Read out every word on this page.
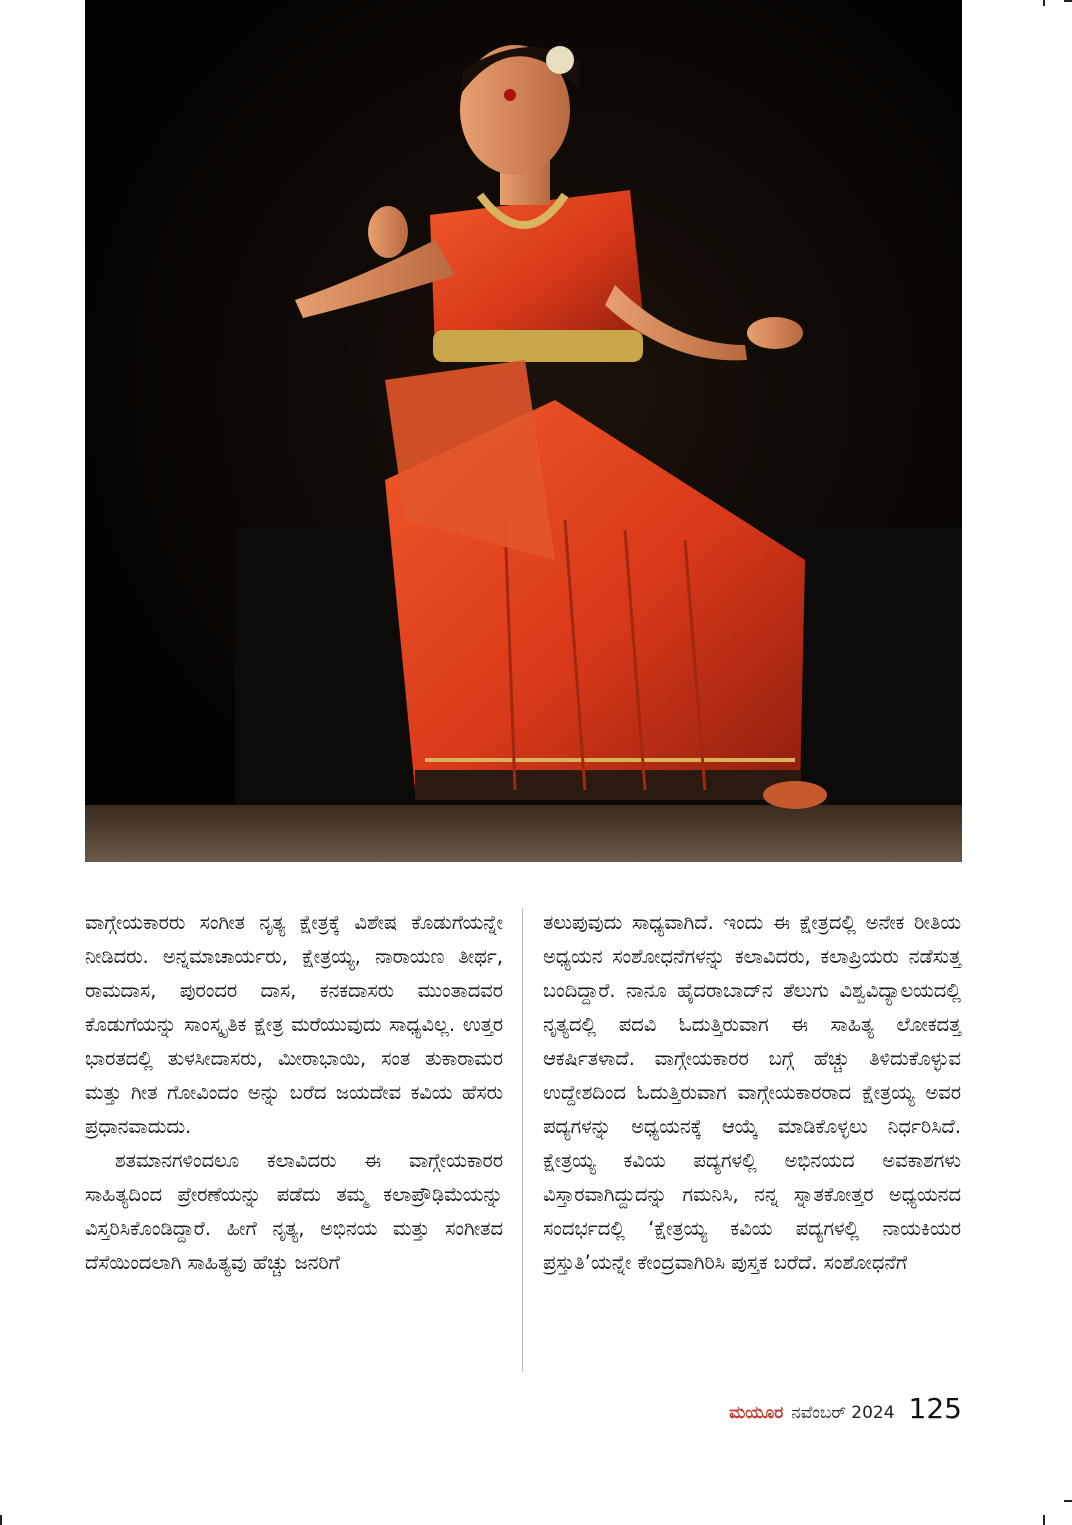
ವಾಗ್ಗೇಯಕಾರರು ಸಂಗೀತ ನೃತ್ಯ ಕ್ಷೇತ್ರಕ್ಕೆ ವಿಶೇಷ ಕೊಡುಗೆಯನ್ನೇ ನೀಡಿದರು. ಅನ್ನಮಾಚಾರ್ಯರು, ಕ್ಷೇತ್ರಯ್ಯ, ನಾರಾಯಣ ತೀರ್ಥ, ರಾಮದಾಸ, ಪುರಂದರ ದಾಸ, ಕನಕದಾಸರು ಮುಂತಾದವರ ಕೊಡುಗೆಯನ್ನು ಸಾಂಸ್ಕೃತಿಕ ಕ್ಷೇತ್ರ ಮರೆಯುವುದು ಸಾಧ್ಯವಿಲ್ಲ. ಉತ್ತರ ಭಾರತದಲ್ಲಿ ತುಳಸೀದಾಸರು, ಮೀರಾಭಾಯಿ, ಸಂತ ತುಕಾರಾಮರ ಮತ್ತು ಗೀತ ಗೋವಿಂದಂ ಅನ್ನು ಬರೆದ ಜಯದೇವ ಕವಿಯ ಹೆಸರು ಪ್ರಧಾನವಾದುದು.

ಶತಮಾನಗಳಿಂದಲೂ ಕಲಾವಿದರು ಈ ವಾಗ್ಗೇಯಕಾರರ ಸಾಹಿತ್ಯದಿಂದ ಪ್ರೇರಣೆಯನ್ನು ಪಡೆದು ತಮ್ಮ ಕಲಾಪ್ರೌಢಿಮೆಯನ್ನು ವಿಸ್ತರಿಸಿಕೊಂಡಿದ್ದಾರೆ. ಹೀಗೆ ನೃತ್ಯ, ಅಭಿನಯ ಮತ್ತು ಸಂಗೀತದ ದೆಸೆಯಿಂದಲಾಗಿ ಸಾಹಿತ್ಯವು ಹೆಚ್ಚು ಜನರಿಗೆ

ತಲುಪುವುದು ಸಾಧ್ಯವಾಗಿದೆ. ಇಂದು ಈ ಕ್ಷೇತ್ರದಲ್ಲಿ ಅನೇಕ ರೀತಿಯ ಅಧ್ಯಯನ ಸಂಶೋಧನೆಗಳನ್ನು ಕಲಾವಿದರು, ಕಲಾಪ್ರಿಯರು ನಡೆಸುತ್ತ ಬಂದಿದ್ದಾರೆ. ನಾನೂ ಹೈದರಾಬಾದ್‌ನ ತೆಲುಗು ವಿಶ್ವವಿದ್ಯಾಲಯದಲ್ಲಿ ನೃತ್ಯದಲ್ಲಿ ಪದವಿ ಓದುತ್ತಿರುವಾಗ ಈ ಸಾಹಿತ್ಯ ಲೋಕದತ್ತ ಆಕರ್ಷಿತಳಾದೆ. ವಾಗ್ಗೇಯಕಾರರ ಬಗ್ಗೆ ಹೆಚ್ಚು ತಿಳಿದುಕೊಳ್ಳುವ ಉದ್ದೇಶದಿಂದ ಓದುತ್ತಿರುವಾಗ ವಾಗ್ಗೇಯಕಾರರಾದ ಕ್ಷೇತ್ರಯ್ಯ ಅವರ ಪದ್ಯಗಳನ್ನು ಅಧ್ಯಯನಕ್ಕೆ ಆಯ್ಕೆ ಮಾಡಿಕೊಳ್ಳಲು ನಿರ್ಧರಿಸಿದೆ. ಕ್ಷೇತ್ರಯ್ಯ ಕವಿಯ ಪದ್ಯಗಳಲ್ಲಿ ಅಭಿನಯದ ಅವಕಾಶಗಳು ವಿಸ್ತಾರವಾಗಿದ್ದುದನ್ನು ಗಮನಿಸಿ, ನನ್ನ ಸ್ನಾತಕೋತ್ತರ ಅಧ್ಯಯನದ ಸಂದರ್ಭದಲ್ಲಿ ‘ಕ್ಷೇತ್ರಯ್ಯ ಕವಿಯ ಪದ್ಯಗಳಲ್ಲಿ ನಾಯಕಿಯರ ಪ್ರಸ್ತುತಿ’ಯನ್ನೇ ಕೇಂದ್ರವಾಗಿರಿಸಿ ಪುಸ್ತಕ ಬರೆದೆ. ಸಂಶೋಧನೆಗೆ

ಮಯೂರ ನವೆಂಬರ್ 2024 125
